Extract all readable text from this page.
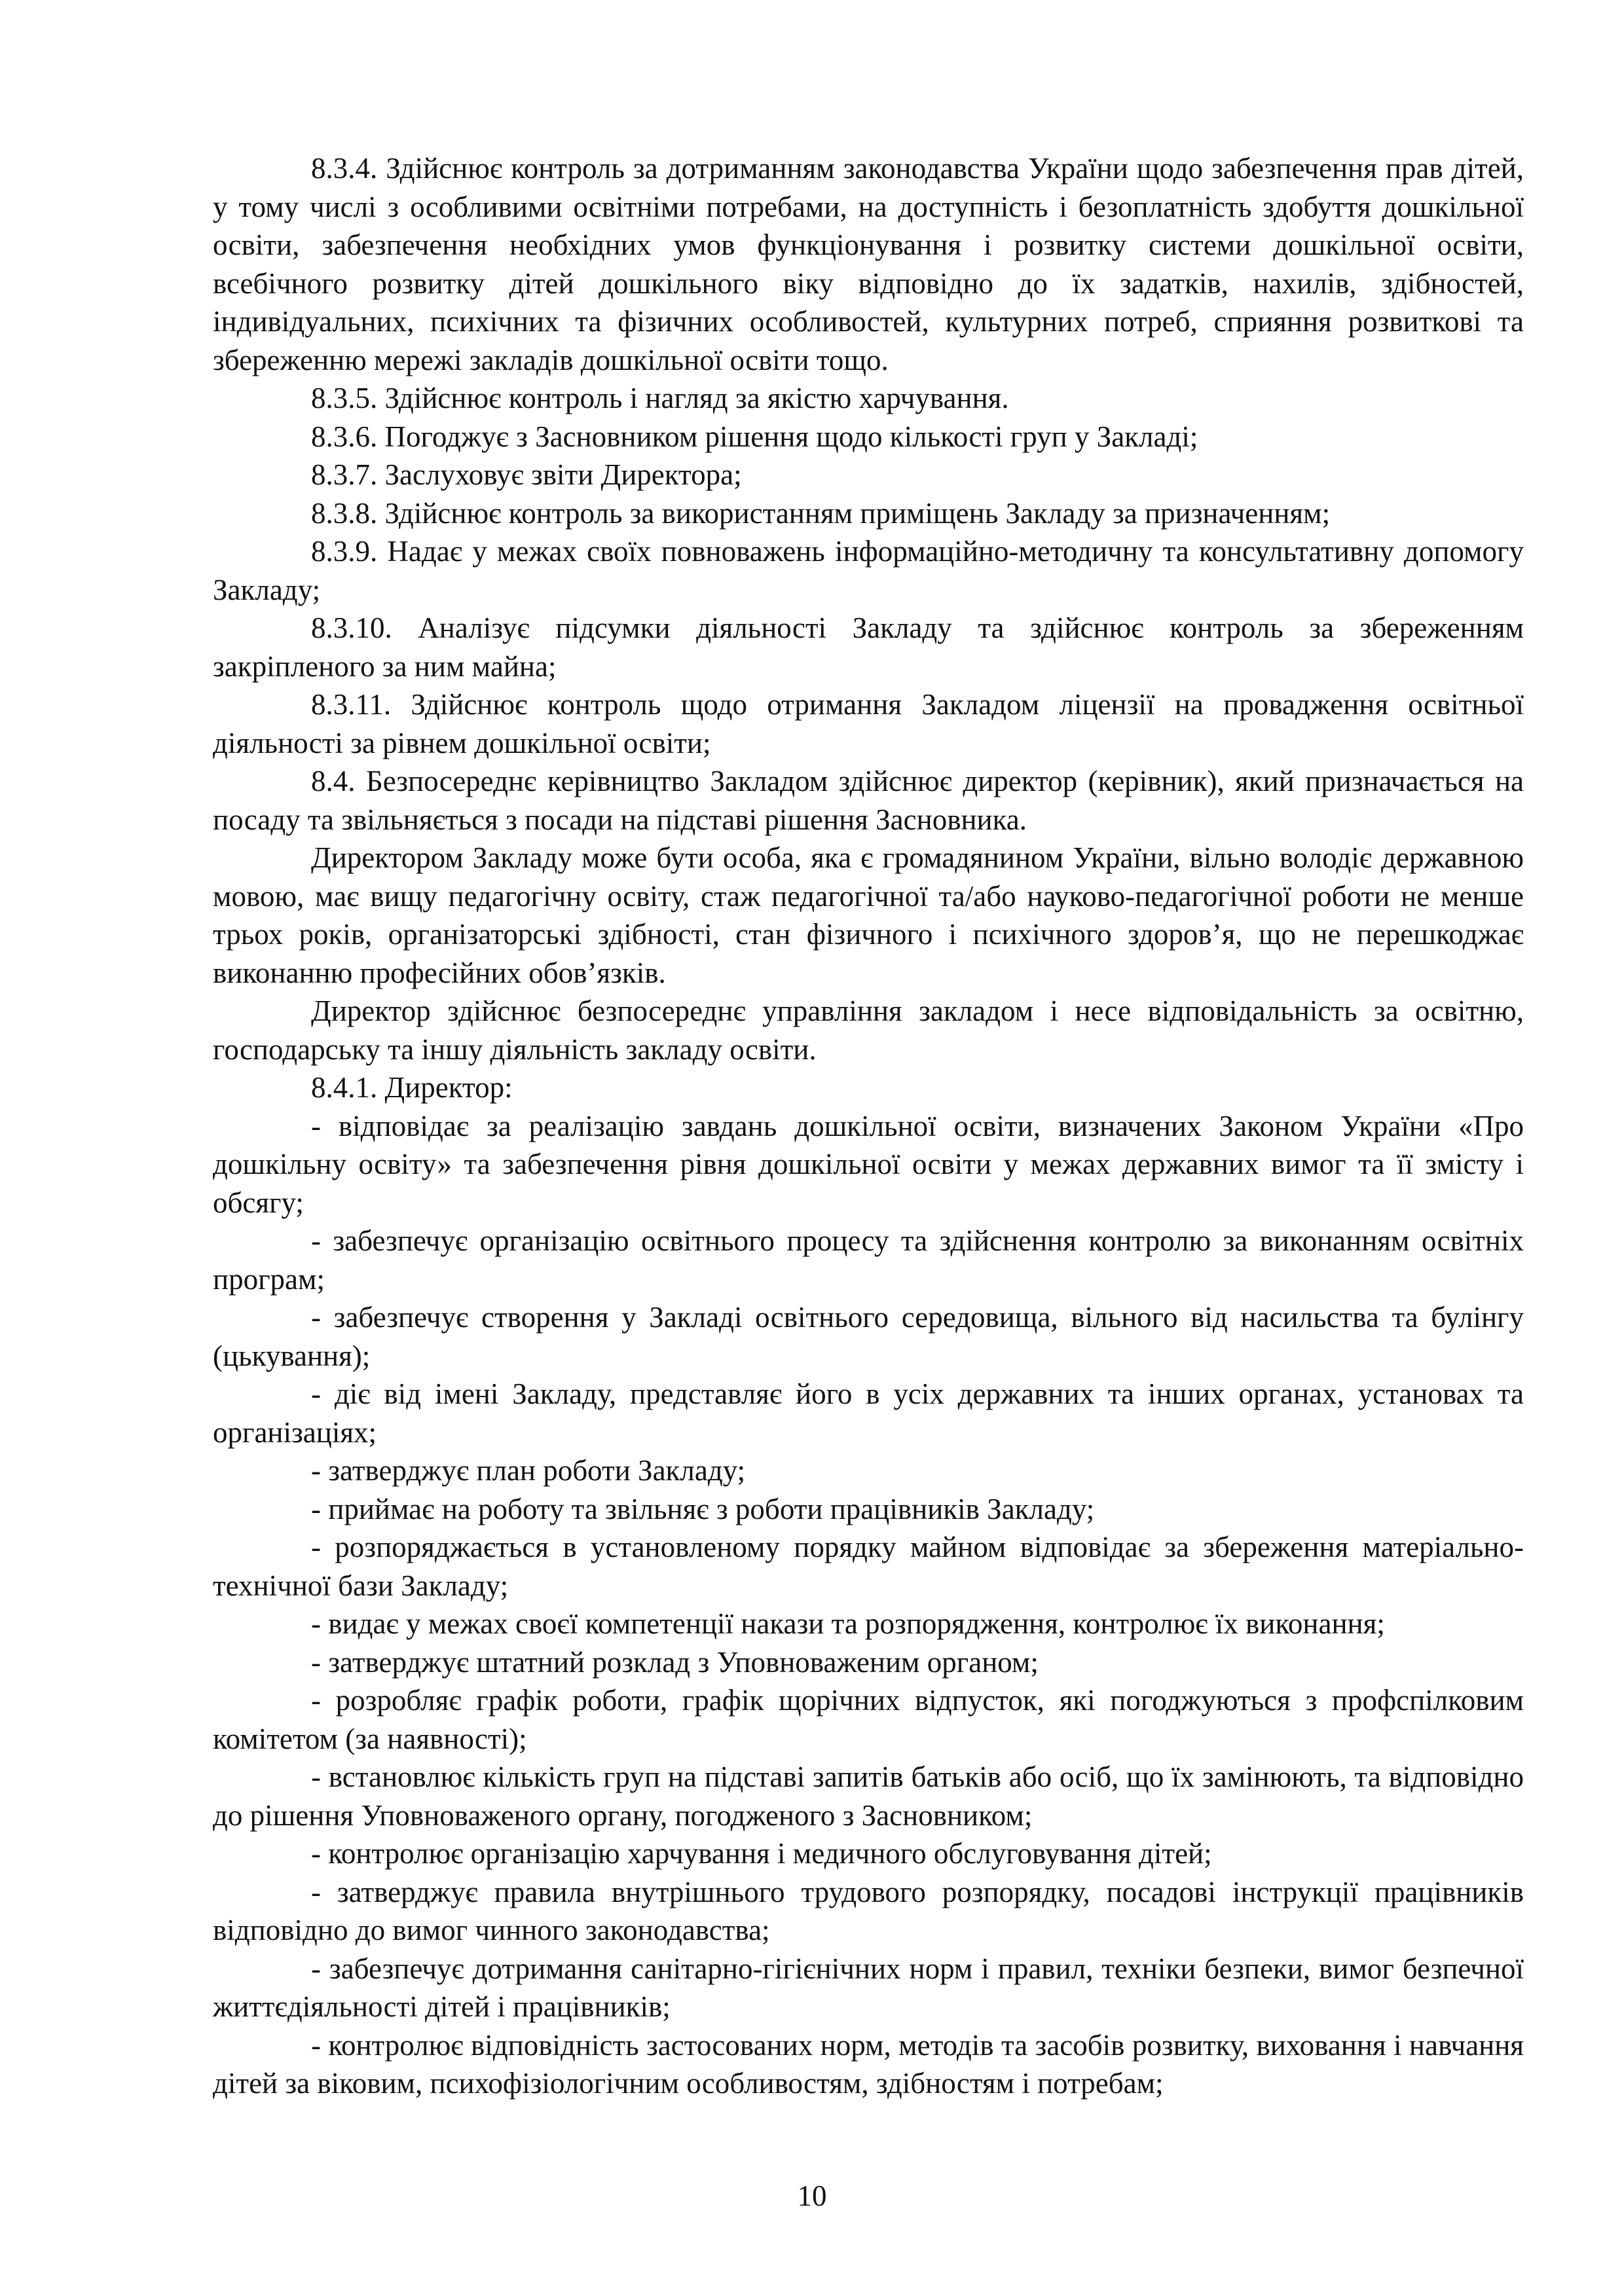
8.3.4. Здійснює контроль за дотриманням законодавства України щодо забезпечення прав дітей, у тому числі з особливими освітніми потребами, на доступність і безоплатність здобуття дошкільної освіти, забезпечення необхідних умов функціонування і розвитку системи дошкільної освіти, всебічного розвитку дітей дошкільного віку відповідно до їх задатків, нахилів, здібностей, індивідуальних, психічних та фізичних особливостей, культурних потреб, сприяння розвиткові та збереженню мережі закладів дошкільної освіти тощо.

8.3.5. Здійснює контроль і нагляд за якістю харчування.

8.3.6. Погоджує з Засновником рішення щодо кількості груп у Закладі;

8.3.7. Заслуховує звіти Директора;

8.3.8. Здійснює контроль за використанням приміщень Закладу за призначенням;

8.3.9. Надає у межах своїх повноважень інформаційно-методичну та консультативну допомогу Закладу;

8.3.10. Аналізує підсумки діяльності Закладу та здійснює контроль за збереженням закріпленого за ним майна;

8.3.11. Здійснює контроль щодо отримання Закладом ліцензії на провадження освітньої діяльності за рівнем дошкільної освіти;

8.4. Безпосереднє керівництво Закладом здійснює директор (керівник), який призначається на посаду та звільняється з посади на підставі рішення Засновника.

Директором Закладу може бути особа, яка є громадянином України, вільно володіє державною мовою, має вищу педагогічну освіту, стаж педагогічної та/або науково-педагогічної роботи не менше трьох років, організаторські здібності, стан фізичного і психічного здоров’я, що не перешкоджає виконанню професійних обов’язків.

Директор здійснює безпосереднє управління закладом і несе відповідальність за освітню, господарську та іншу діяльність закладу освіти.

8.4.1. Директор:

- відповідає за реалізацію завдань дошкільної освіти, визначених Законом України «Про дошкільну освіту» та забезпечення рівня дошкільної освіти у межах державних вимог та її змісту і обсягу;

- забезпечує організацію освітнього процесу та здійснення контролю за виконанням освітніх програм;

- забезпечує створення у Закладі освітнього середовища, вільного від насильства та булінгу (цькування);

- діє від імені Закладу, представляє його в усіх державних та інших органах, установах та організаціях;

- затверджує план роботи Закладу;

- приймає на роботу та звільняє з роботи працівників Закладу;

- розпоряджається в установленому порядку майном відповідає за збереження матеріально-технічної бази Закладу;

- видає у межах своєї компетенції накази та розпорядження, контролює їх виконання;

- затверджує штатний розклад з Уповноваженим органом;

- розробляє графік роботи, графік щорічних відпусток, які погоджуються з профспілковим комітетом (за наявності);

- встановлює кількість груп на підставі запитів батьків або осіб, що їх замінюють, та відповідно до рішення Уповноваженого органу, погодженого з Засновником;

- контролює організацію харчування і медичного обслуговування дітей;

- затверджує правила внутрішнього трудового розпорядку, посадові інструкції працівників відповідно до вимог чинного законодавства;

- забезпечує дотримання санітарно-гігієнічних норм і правил, техніки безпеки, вимог безпечної життєдіяльності дітей і працівників;

- контролює відповідність застосованих норм, методів та засобів розвитку, виховання і навчання дітей за віковим, психофізіологічним особливостям, здібностям і потребам;

10
